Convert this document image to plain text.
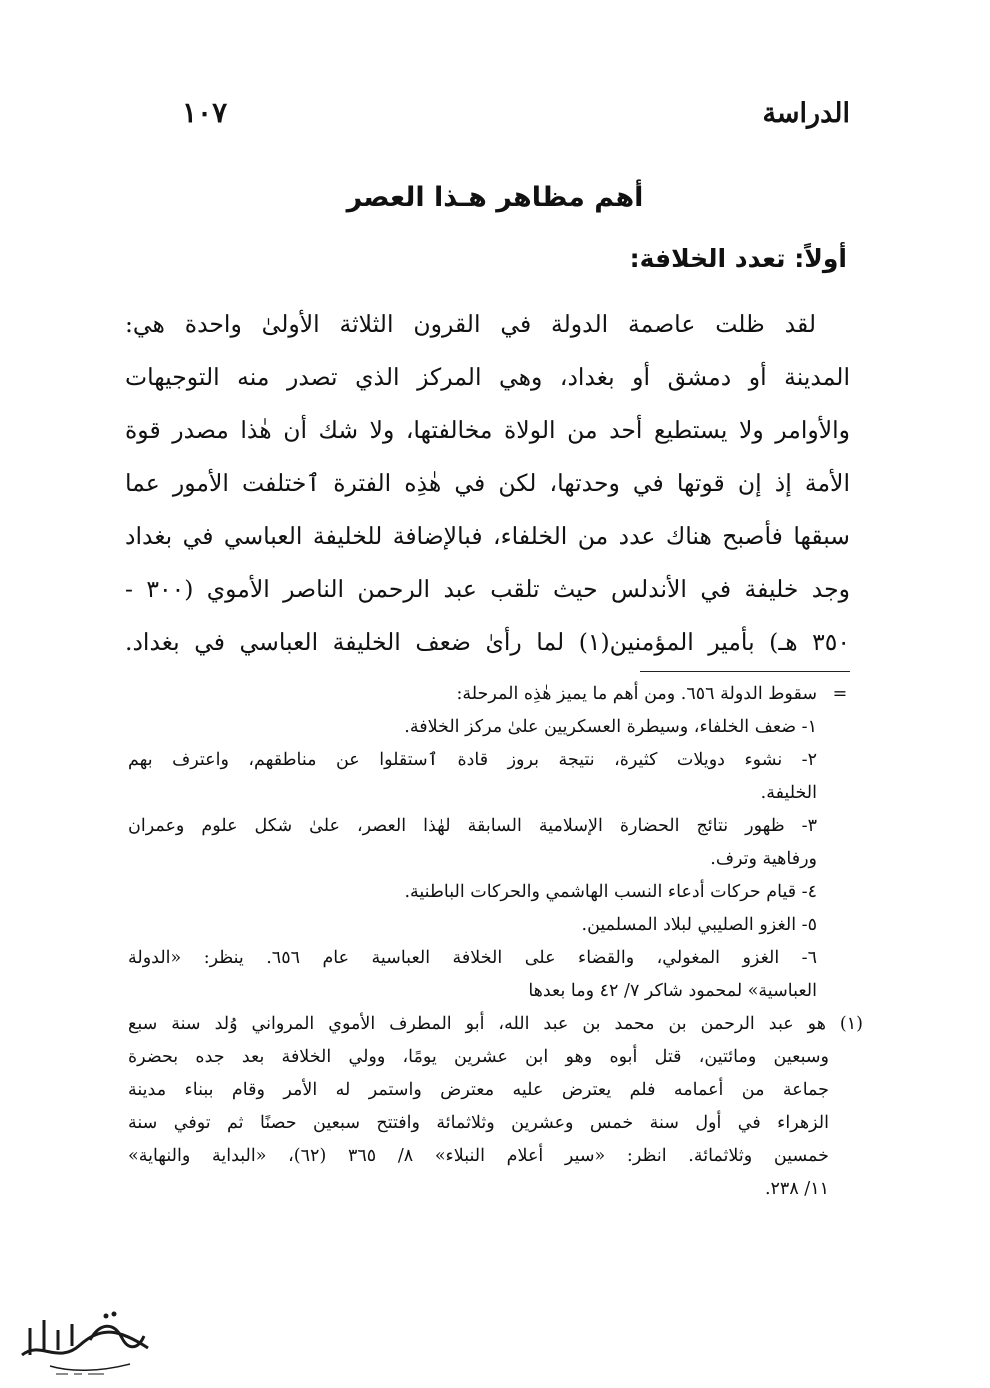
الدراسة
١٠٧
أهم مظاهر هـذا العصر
أولاً: تعدد الخلافة:
لقد ظلت عاصمة الدولة في القرون الثلاثة الأولىٰ واحدة هي:
المدينة أو دمشق أو بغداد، وهي المركز الذي تصدر منه التوجيهات
والأوامر ولا يستطيع أحد من الولاة مخالفتها، ولا شك أن هٰذا مصدر قوة
الأمة إذ إن قوتها في وحدتها، لكن في هٰذِه الفترة ٱختلفت الأمور عما
سبقها فأصبح هناك عدد من الخلفاء، فبالإضافة للخليفة العباسي في بغداد
وجد خليفة في الأندلس حيث تلقب عبد الرحمن الناصر الأموي (٣٠٠ -
٣٥٠ هـ) بأمير المؤمنين(١) لما رأىٰ ضعف الخليفة العباسي في بغداد.
=سقوط الدولة ٦٥٦. ومن أهم ما يميز هٰذِه المرحلة:
١- ضعف الخلفاء، وسيطرة العسكريين علىٰ مركز الخلافة.
٢- نشوء دويلات كثيرة، نتيجة بروز قادة ٱستقلوا عن مناطقهم، واعترف بهم
الخليفة.
٣- ظهور نتائج الحضارة الإسلامية السابقة لهٰذا العصر، علىٰ شكل علوم وعمران
ورفاهية وترف.
٤- قيام حركات أدعاء النسب الهاشمي والحركات الباطنية.
٥- الغزو الصليبي لبلاد المسلمين.
٦- الغزو المغولي، والقضاء على الخلافة العباسية عام ٦٥٦. ينظر: «الدولة
العباسية» لمحمود شاكر ٧/ ٤٢ وما بعدها
(١) هو عبد الرحمن بن محمد بن عبد الله، أبو المطرف الأموي المرواني وُلد سنة سبع
وسبعين ومائتين، قتل أبوه وهو ابن عشرين يومًا، وولي الخلافة بعد جده بحضرة
جماعة من أعمامه فلم يعترض عليه معترض واستمر له الأمر وقام ببناء مدينة
الزهراء في أول سنة خمس وعشرين وثلاثمائة وافتتح سبعين حصنًا ثم توفي سنة
خمسين وثلاثمائة. انظر: «سير أعلام النبلاء» ٨/ ٣٦٥ (٦٢)، «البداية والنهاية»
١١/ ٢٣٨.
